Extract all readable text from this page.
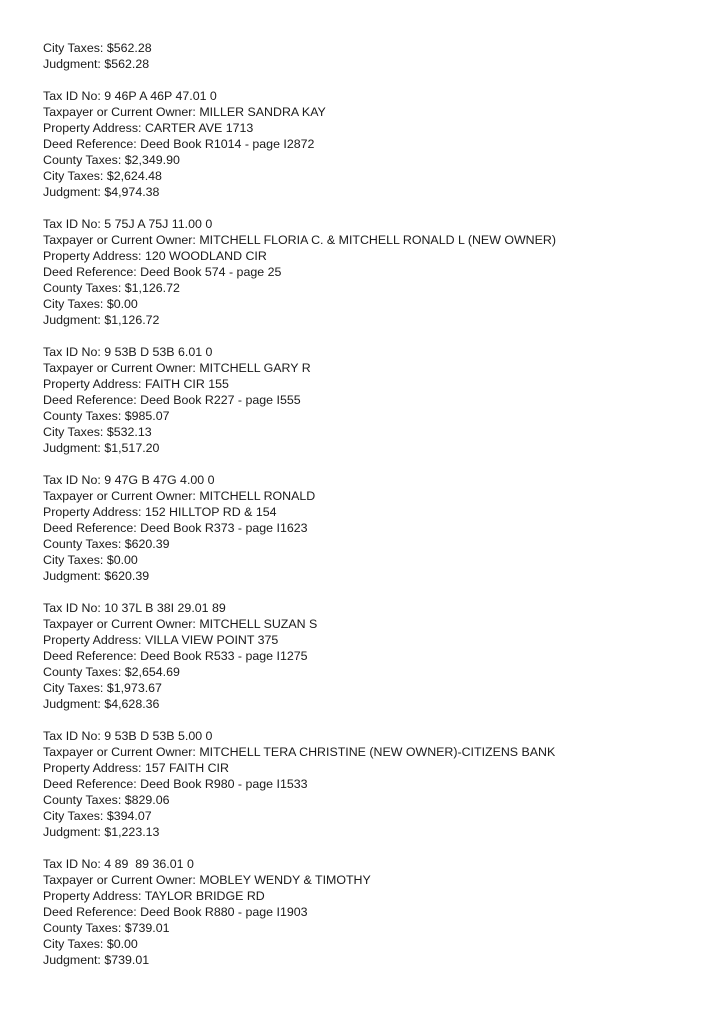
City Taxes: $562.28
Judgment: $562.28
Tax ID No: 9 46P A 46P 47.01 0
Taxpayer or Current Owner: MILLER SANDRA KAY
Property Address: CARTER AVE 1713
Deed Reference: Deed Book R1014 - page I2872
County Taxes: $2,349.90
City Taxes: $2,624.48
Judgment: $4,974.38
Tax ID No: 5 75J A 75J 11.00 0
Taxpayer or Current Owner: MITCHELL FLORIA C. & MITCHELL RONALD L (NEW OWNER)
Property Address: 120 WOODLAND CIR
Deed Reference: Deed Book 574 - page 25
County Taxes: $1,126.72
City Taxes: $0.00
Judgment: $1,126.72
Tax ID No: 9 53B D 53B 6.01 0
Taxpayer or Current Owner: MITCHELL GARY R
Property Address: FAITH CIR 155
Deed Reference: Deed Book R227 - page I555
County Taxes: $985.07
City Taxes: $532.13
Judgment: $1,517.20
Tax ID No: 9 47G B 47G 4.00 0
Taxpayer or Current Owner: MITCHELL RONALD
Property Address: 152 HILLTOP RD & 154
Deed Reference: Deed Book R373 - page I1623
County Taxes: $620.39
City Taxes: $0.00
Judgment: $620.39
Tax ID No: 10 37L B 38I 29.01 89
Taxpayer or Current Owner: MITCHELL SUZAN S
Property Address: VILLA VIEW POINT 375
Deed Reference: Deed Book R533 - page I1275
County Taxes: $2,654.69
City Taxes: $1,973.67
Judgment: $4,628.36
Tax ID No: 9 53B D 53B 5.00 0
Taxpayer or Current Owner: MITCHELL TERA CHRISTINE (NEW OWNER)-CITIZENS BANK
Property Address: 157 FAITH CIR
Deed Reference: Deed Book R980 - page I1533
County Taxes: $829.06
City Taxes: $394.07
Judgment: $1,223.13
Tax ID No: 4 89  89 36.01 0
Taxpayer or Current Owner: MOBLEY WENDY & TIMOTHY
Property Address: TAYLOR BRIDGE RD
Deed Reference: Deed Book R880 - page I1903
County Taxes: $739.01
City Taxes: $0.00
Judgment: $739.01
